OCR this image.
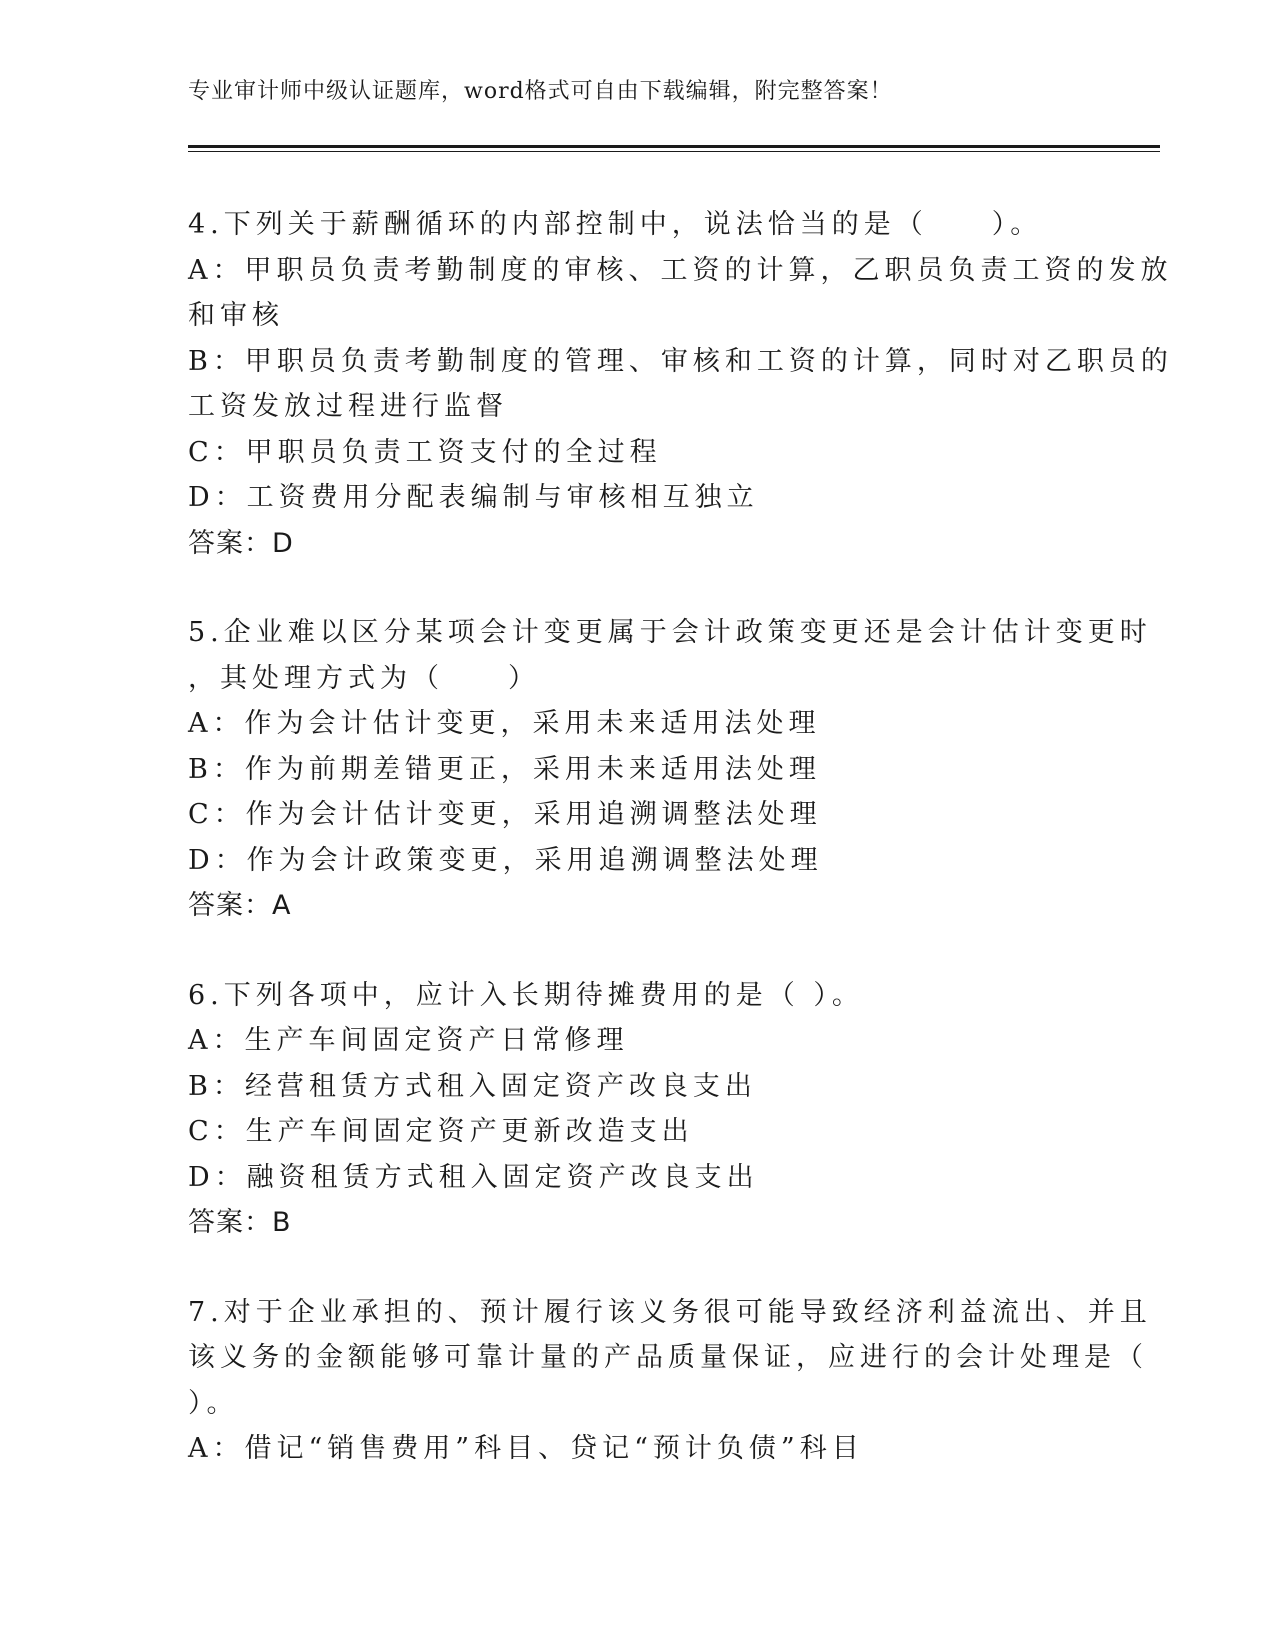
专业审计师中级认证题库，word格式可自由下载编辑，附完整答案！
4.下列关于薪酬循环的内部控制中，说法恰当的是（　　）。
A：甲职员负责考勤制度的审核、工资的计算，乙职员负责工资的发放
和审核
B：甲职员负责考勤制度的管理、审核和工资的计算，同时对乙职员的
工资发放过程进行监督
C：甲职员负责工资支付的全过程
D：工资费用分配表编制与审核相互独立
答案：D
5.企业难以区分某项会计变更属于会计政策变更还是会计估计变更时
，其处理方式为（　　）
A：作为会计估计变更，采用未来适用法处理
B：作为前期差错更正，采用未来适用法处理
C：作为会计估计变更，采用追溯调整法处理
D：作为会计政策变更，采用追溯调整法处理
答案：A
6.下列各项中，应计入长期待摊费用的是（ ）。
A：生产车间固定资产日常修理
B：经营租赁方式租入固定资产改良支出
C：生产车间固定资产更新改造支出
D：融资租赁方式租入固定资产改良支出
答案：B
7.对于企业承担的、预计履行该义务很可能导致经济利益流出、并且
该义务的金额能够可靠计量的产品质量保证，应进行的会计处理是（
）。
A：借记“销售费用”科目、贷记“预计负债”科目
